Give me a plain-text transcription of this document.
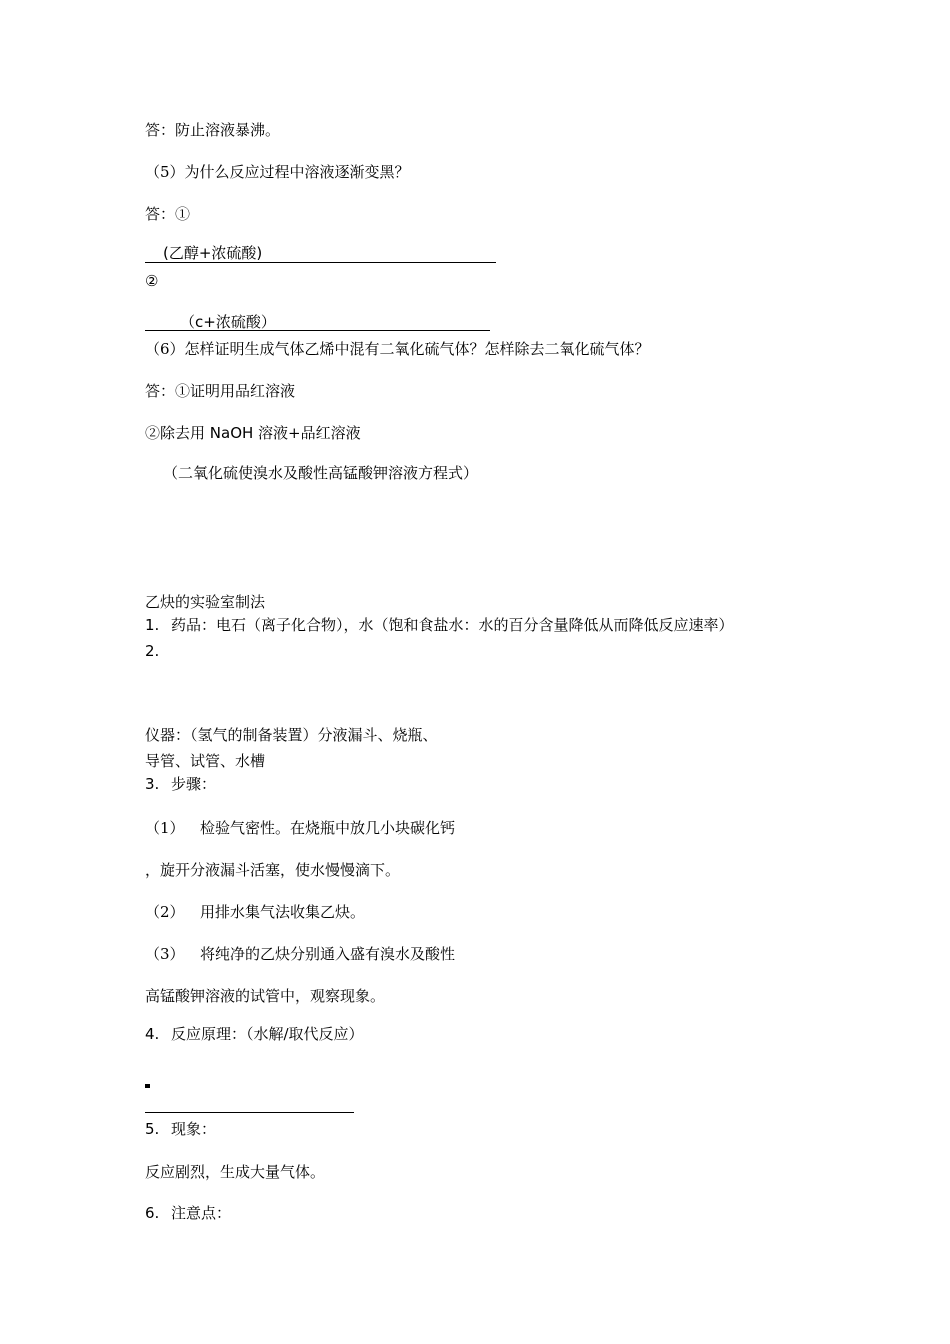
答：防止溶液暴沸。
（5）为什么反应过程中溶液逐渐变黑？
答：①
(乙醇+浓硫酸)
②
（c+浓硫酸）
（6）怎样证明生成气体乙烯中混有二氧化硫气体？怎样除去二氧化硫气体？
答：①证明用品红溶液
②除去用 NaOH 溶液+品红溶液
（二氧化硫使溴水及酸性高锰酸钾溶液方程式）
乙炔的实验室制法
1. 药品：电石（离子化合物），水（饱和食盐水：水的百分含量降低从而降低反应速率）
2.
仪器：（氢气的制备装置）分液漏斗、烧瓶、
导管、试管、水槽
3. 步骤：
（1） 检验气密性。在烧瓶中放几小块碳化钙
，旋开分液漏斗活塞，使水慢慢滴下。
（2） 用排水集气法收集乙炔。
（3） 将纯净的乙炔分别通入盛有溴水及酸性
高锰酸钾溶液的试管中，观察现象。
4. 反应原理：（水解/取代反应）
5. 现象：
反应剧烈，生成大量气体。
6. 注意点：
